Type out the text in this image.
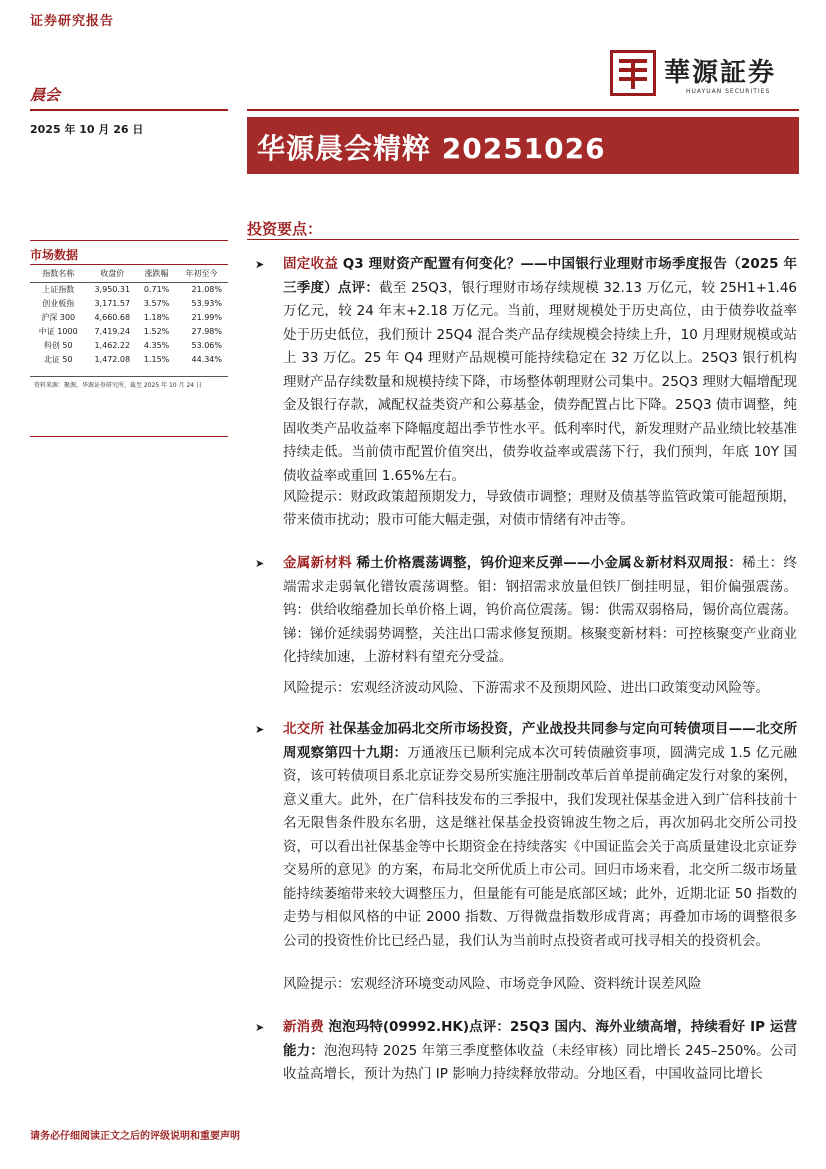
证券研究报告
華源証券
HUAYUAN SECURITIES
晨会
2025 年 10 月 26 日
华源晨会精粹 20251026
市场数据
指数名称	收盘价	涨跌幅	年初至今
上证指数	3,950.31	0.71%	21.08%
创业板指	3,171.57	3.57%	53.93%
沪深 300	4,660.68	1.18%	21.99%
中证 1000	7,419.24	1.52%	27.98%
科创 50	1,462.22	4.35%	53.06%
北证 50	1,472.08	1.15%	44.34%
资料来源：聚源，华源证券研究所，截至 2025 年 10 月 24 日
投资要点：
➤ 固定收益 Q3 理财资产配置有何变化？——中国银行业理财市场季度报告（2025 年三季度）点评：截至 25Q3，银行理财市场存续规模 32.13 万亿元，较 25H1+1.46 万亿元，较 24 年末+2.18 万亿元。当前，理财规模处于历史高位，由于债券收益率处于历史低位，我们预计 25Q4 混合类产品存续规模会持续上升，10 月理财规模或站上 33 万亿。25 年 Q4 理财产品规模可能持续稳定在 32 万亿以上。25Q3 银行机构理财产品存续数量和规模持续下降，市场整体朝理财公司集中。25Q3 理财大幅增配现金及银行存款，减配权益类资产和公募基金，债券配置占比下降。25Q3 债市调整，纯固收类产品收益率下降幅度超出季节性水平。低利率时代，新发理财产品业绩比较基准持续走低。当前债市配置价值突出，债券收益率或震荡下行，我们预判，年底 10Y 国债收益率或重回 1.65%左右。
风险提示：财政政策超预期发力，导致债市调整；理财及债基等监管政策可能超预期，带来债市扰动；股市可能大幅走强，对债市情绪有冲击等。
➤ 金属新材料 稀土价格震荡调整，钨价迎来反弹——小金属＆新材料双周报：稀土：终端需求走弱氧化镨钕震荡调整。钼：钢招需求放量但铁厂倒挂明显，钼价偏强震荡。钨：供给收缩叠加长单价格上调，钨价高位震荡。锡：供需双弱格局，锡价高位震荡。锑：锑价延续弱势调整，关注出口需求修复预期。核聚变新材料：可控核聚变产业商业化持续加速，上游材料有望充分受益。
风险提示：宏观经济波动风险、下游需求不及预期风险、进出口政策变动风险等。
➤ 北交所 社保基金加码北交所市场投资，产业战投共同参与定向可转债项目——北交所周观察第四十九期：万通液压已顺利完成本次可转债融资事项，圆满完成 1.5 亿元融资，该可转债项目系北京证券交易所实施注册制改革后首单提前确定发行对象的案例，意义重大。此外，在广信科技发布的三季报中，我们发现社保基金进入到广信科技前十名无限售条件股东名册，这是继社保基金投资锦波生物之后，再次加码北交所公司投资，可以看出社保基金等中长期资金在持续落实《中国证监会关于高质量建设北京证券交易所的意见》的方案，布局北交所优质上市公司。回归市场来看，北交所二级市场量能持续萎缩带来较大调整压力，但量能有可能是底部区域；此外，近期北证 50 指数的走势与相似风格的中证 2000 指数、万得微盘指数形成背离；再叠加市场的调整很多公司的投资性价比已经凸显，我们认为当前时点投资者或可找寻相关的投资机会。
风险提示：宏观经济环境变动风险、市场竞争风险、资料统计误差风险
➤ 新消费 泡泡玛特(09992.HK)点评：25Q3 国内、海外业绩高增，持续看好 IP 运营能力：泡泡玛特 2025 年第三季度整体收益（未经审核）同比增长 245–250%。公司收益高增长，预计为热门 IP 影响力持续释放带动。分地区看，中国收益同比增长
请务必仔细阅读正文之后的评级说明和重要声明
